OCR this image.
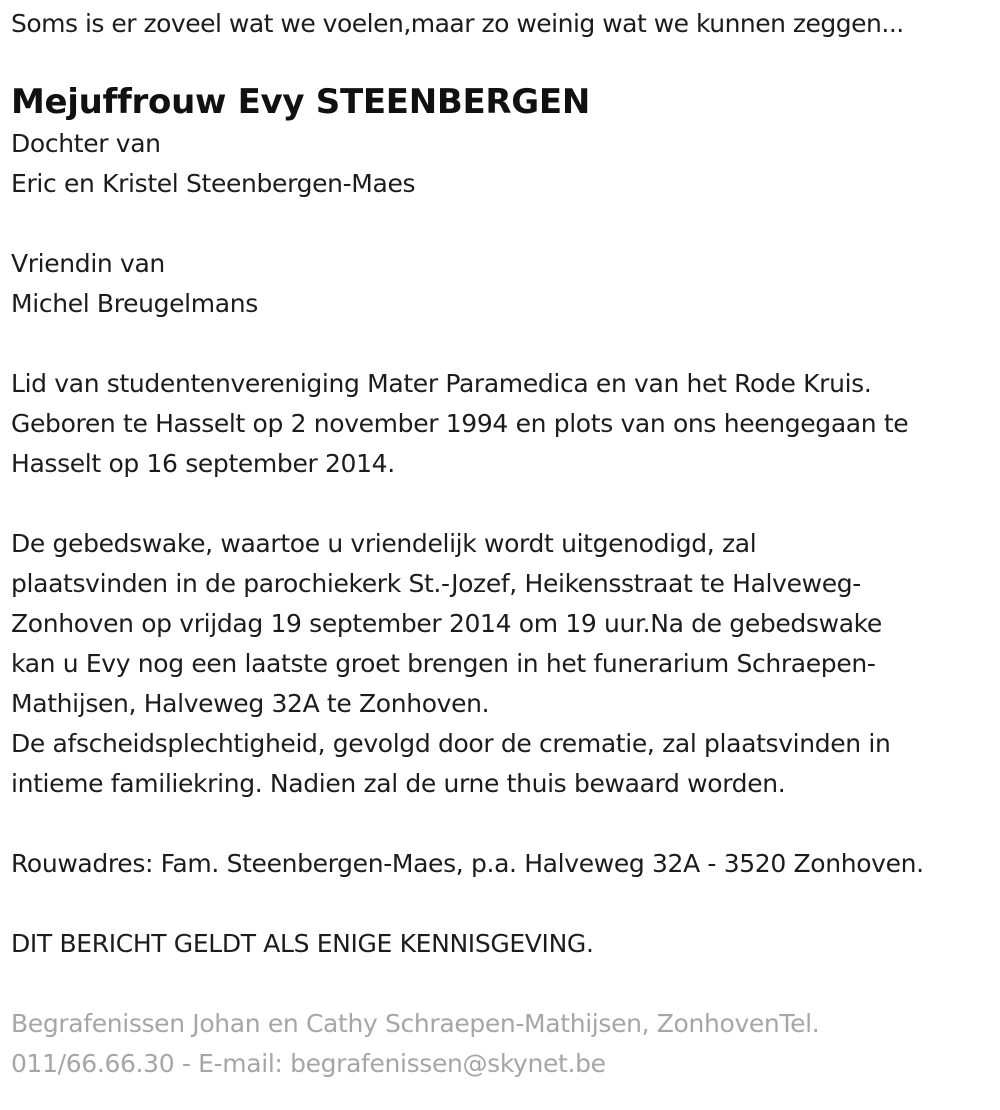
Soms is er zoveel wat we voelen,maar zo weinig wat we kunnen zeggen...
Mejuffrouw Evy STEENBERGEN
Dochter van
Eric en Kristel Steenbergen-Maes
Vriendin van
Michel Breugelmans
Lid van studentenvereniging Mater Paramedica en van het Rode Kruis.
Geboren te Hasselt op 2 november 1994 en plots van ons heengegaan te
Hasselt op 16 september 2014.
De gebedswake, waartoe u vriendelijk wordt uitgenodigd, zal
plaatsvinden in de parochiekerk St.-Jozef, Heikensstraat te Halveweg-
Zonhoven op vrijdag 19 september 2014 om 19 uur.Na de gebedswake
kan u Evy nog een laatste groet brengen in het funerarium Schraepen-
Mathijsen, Halveweg 32A te Zonhoven.
De afscheidsplechtigheid, gevolgd door de crematie, zal plaatsvinden in
intieme familiekring. Nadien zal de urne thuis bewaard worden.
Rouwadres: Fam. Steenbergen-Maes, p.a. Halveweg 32A - 3520 Zonhoven.
DIT BERICHT GELDT ALS ENIGE KENNISGEVING.
Begrafenissen Johan en Cathy Schraepen-Mathijsen, ZonhovenTel.
011/66.66.30 - E-mail: begrafenissen@skynet.be
